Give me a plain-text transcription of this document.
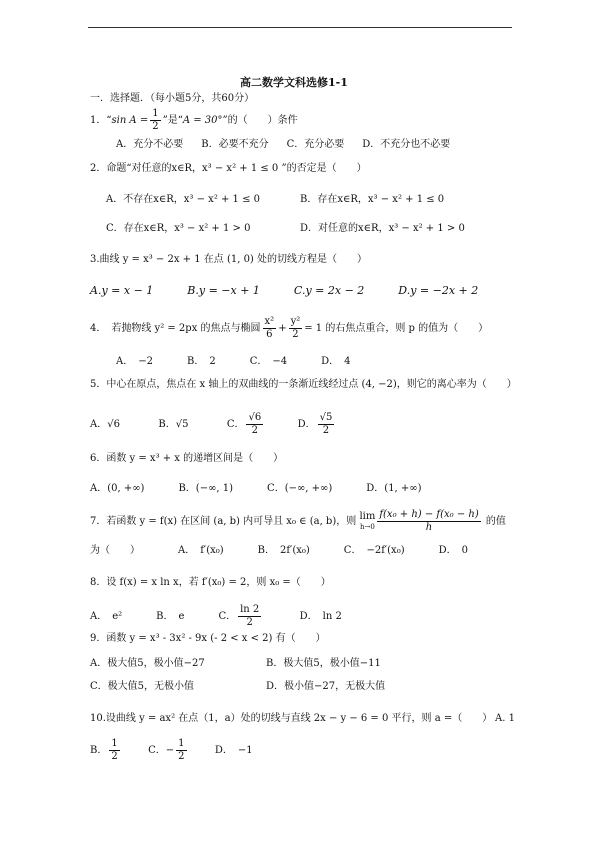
高二数学文科选修1-1
一．选择题．（每小题5分，共60分）
1．“sin $A = \frac{1}{2}$ ”是“A = 30°”的（　　）条件
A．充分不必要 B．必要不充分 C．充分必要 D．不充分也不必要
2．命题“对任意的x∈R，x³ − x² + 1 ≤ 0 ”的否定是（　　）
A．不存在x∈R，x³ − x² + 1 ≤ 0	B．存在x∈R，x³ − x² + 1 ≤ 0
C．存在x∈R，x³ − x² + 1 > 0	D．对任意的x∈R，x³ − x² + 1 > 0
3.曲线 y = x³ − 2x + 1 在点 (1, 0) 处的切线方程是（　　）
A.y = x − 1	B.y = −x + 1	C.y = 2x − 2	D.y = −2x + 2
4．　若抛物线 y² = 2px 的焦点与椭圆 $\frac{\text{x²}}{6} + \frac{\text{y²}}{2} = 1$ 的右焦点重合，则 p 的值为（　　）
A．　−2	B．　2	C．　−4	D．　4
5．中心在原点，焦点在 x 轴上的双曲线的一条渐近线经过点 (4, −2)，则它的离心率为（　　）
A．√6	B．√5	C． $\frac{√6}{2}$	D． $\frac{√5}{2}$
6．函数 y = x³ + x 的递增区间是（　　）
A．(0, +∞)	B．(−∞, 1)	C．(−∞, +∞)	D．(1, +∞)
7．若函数 y = f(x) 在区间 (a, b) 内可导且 x₀ ∈ (a, b)，则 lim
$h\to 0 \frac{\text{f(x₀ + h) − f(x₀ − h)}}{h}$ 的值
为（　　）	A．　f′(x₀)	B．　2f′(x₀)	C．　−2f′(x₀)	D．　0
8．设 f(x) = x ln x，若 f′(x₀) = 2，则 x₀ =（　　）
A．　e²	B．　e	C． $\frac{\ln 2}{2}$	D．　ln 2
9．函数 y = x³ - 3x² - 9x (- 2 < x < 2) 有（　　）
A．极大值5，极小值−27	B．极大值5，极小值−11
C．极大值5，无极小值	D．极小值−27，无极大值
10.设曲线 y = ax² 在点（1，a）处的切线与直线 2x − y − 6 = 0 平行，则 a =（　　） A. 1
B． $\frac{1}{2}$	C．− $\frac{1}{2}$	D．　−1
